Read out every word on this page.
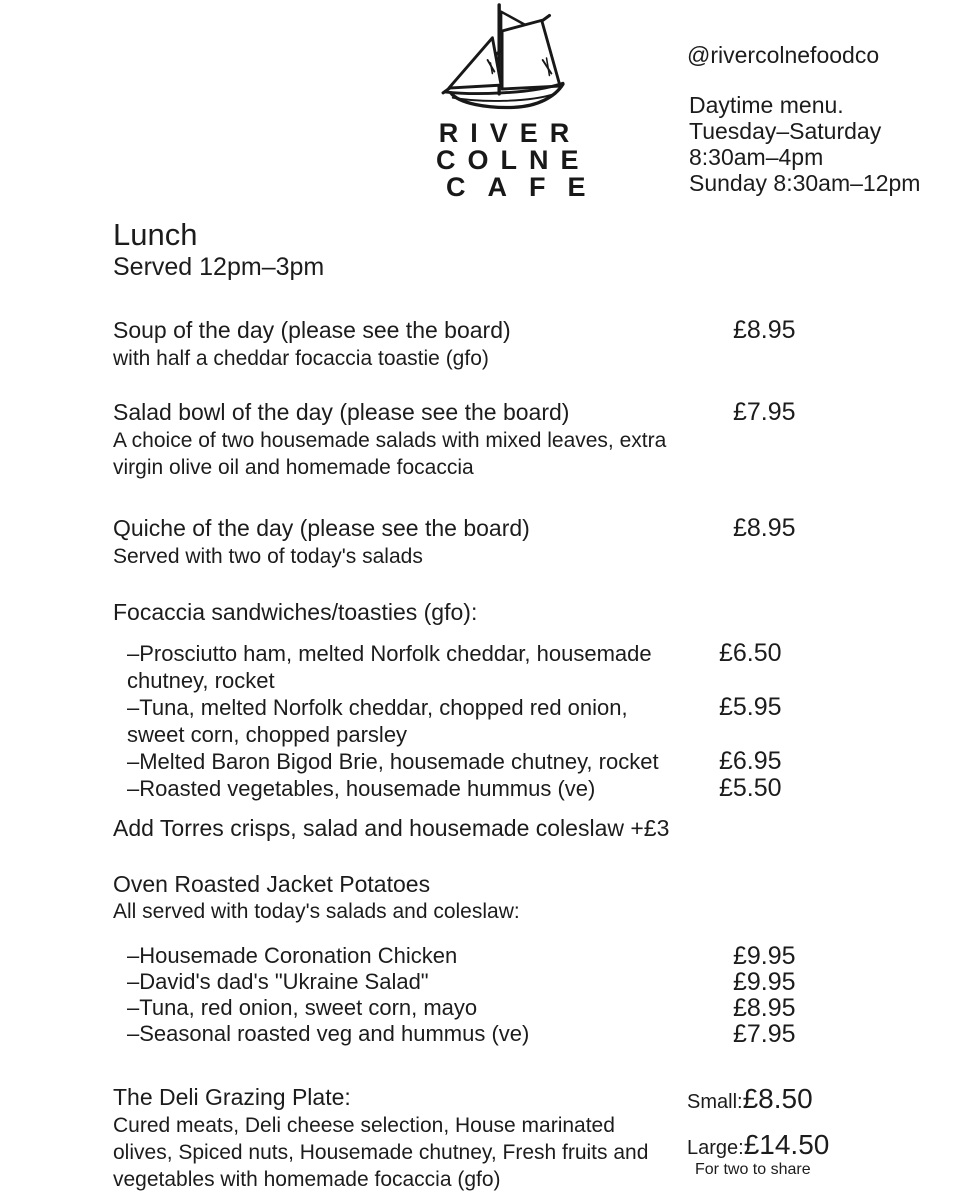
RIVER
COLNE
CAFE
@rivercolnefoodco
Daytime menu.
Tuesday–Saturday
8:30am–4pm
Sunday 8:30am–12pm
Lunch
Served 12pm–3pm
Soup of the day (please see the board)	£8.95
with half a cheddar focaccia toastie (gfo)
Salad bowl of the day (please see the board)	£7.95
A choice of two housemade salads with mixed leaves, extra virgin olive oil and homemade focaccia
Quiche of the day (please see the board)	£8.95
Served with two of today's salads
Focaccia sandwiches/toasties (gfo):
–Prosciutto ham, melted Norfolk cheddar, housemade chutney, rocket
£6.50
–Tuna, melted Norfolk cheddar, chopped red onion, sweet corn, chopped parsley
£5.95
–Melted Baron Bigod Brie, housemade chutney, rocket	£6.95
–Roasted vegetables, housemade hummus (ve)	£5.50
Add Torres crisps, salad and housemade coleslaw +£3
Oven Roasted Jacket Potatoes
All served with today's salads and coleslaw:
–Housemade Coronation Chicken	£9.95
–David's dad's "Ukraine Salad"	£9.95
–Tuna, red onion, sweet corn, mayo	£8.95
–Seasonal roasted veg and hummus (ve)	£7.95
The Deli Grazing Plate:
Cured meats, Deli cheese selection, House marinated olives, Spiced nuts, Housemade chutney, Fresh fruits and vegetables with homemade focaccia (gfo)
Small: £8.50
Large: £14.50
For two to share
